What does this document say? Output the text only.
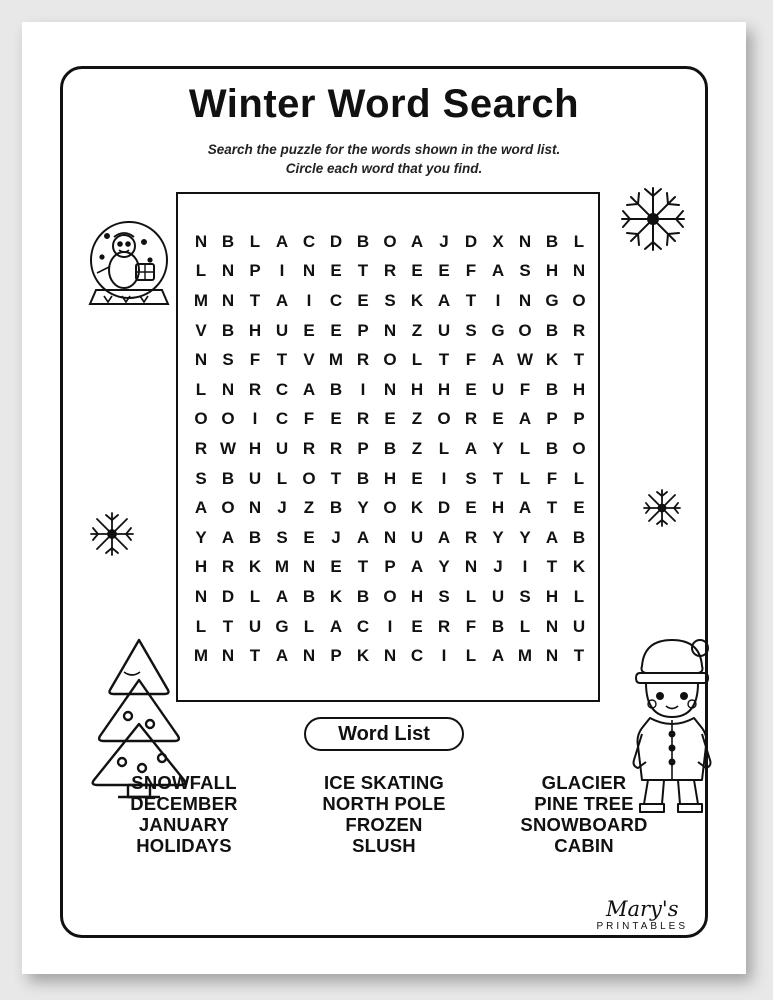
Winter Word Search
Search the puzzle for the words shown in the word list.
Circle each word that you find.
N B L A C D B O A J D X N B L
L N P	I	N E T R E E F A S H N
M N T A	I	C E S K A T	I	N G O
V B H U E E P N Z U S G O B R
N S F T V M R O L T F A W K T
L N R C A B	I	N H H E U F B H
O O	I	C F E R E Z O R E A P P
R W H U R R P B Z L A Y L B O
S B U L O T B H E	I	S T L F L
A O N J	Z B Y O K D E H A T E
Y A B S E J A N U A R Y Y A B
H R K M N E T P A Y N J	I	T K
N D L A B K B O H S L U S H L
L T U G L A C	I	E R F B L N U
M N T A N P K N C	I	L A M N T
Word List
SNOWFALL
DECEMBER
JANUARY
HOLIDAYS
ICE SKATING
NORTH POLE
FROZEN
SLUSH
GLACIER
PINE TREE
SNOWBOARD
CABIN
Mary's
PRINTABLES
